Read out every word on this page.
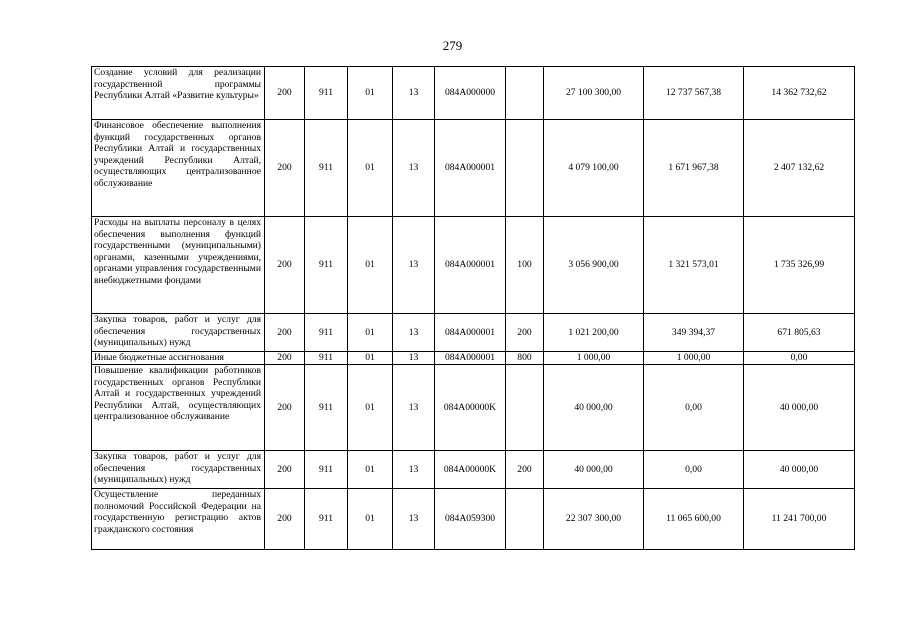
279
Создание условий для реализации государственной программы Республики Алтай «Развитие культуры»	200	911	01	13	084A000000		27 100 300,00	12 737 567,38	14 362 732,62
Финансовое обеспечение выполнения функций государственных органов Республики Алтай и государственных учреждений Республики Алтай, осуществляющих централизованное обслуживание	200	911	01	13	084A000001		4 079 100,00	1 671 967,38	2 407 132,62
Расходы на выплаты персоналу в целях обеспечения выполнения функций государственными (муниципальными) органами, казенными учреждениями, органами управления государственными внебюджетными фондами	200	911	01	13	084A000001	100	3 056 900,00	1 321 573,01	1 735 326,99
Закупка товаров, работ и услуг для обеспечения государственных (муниципальных) нужд	200	911	01	13	084A000001	200	1 021 200,00	349 394,37	671 805,63
Иные бюджетные ассигнования	200	911	01	13	084A000001	800	1 000,00	1 000,00	0,00
Повышение квалификации работников государственных органов Республики Алтай и государственных учреждений Республики Алтай, осуществляющих централизованное обслуживание	200	911	01	13	084A00000K		40 000,00	0,00	40 000,00
Закупка товаров, работ и услуг для обеспечения государственных (муниципальных) нужд	200	911	01	13	084A00000K	200	40 000,00	0,00	40 000,00
Осуществление переданных полномочий Российской Федерации на государственную регистрацию актов гражданского состояния	200	911	01	13	084A059300		22 307 300,00	11 065 600,00	11 241 700,00
